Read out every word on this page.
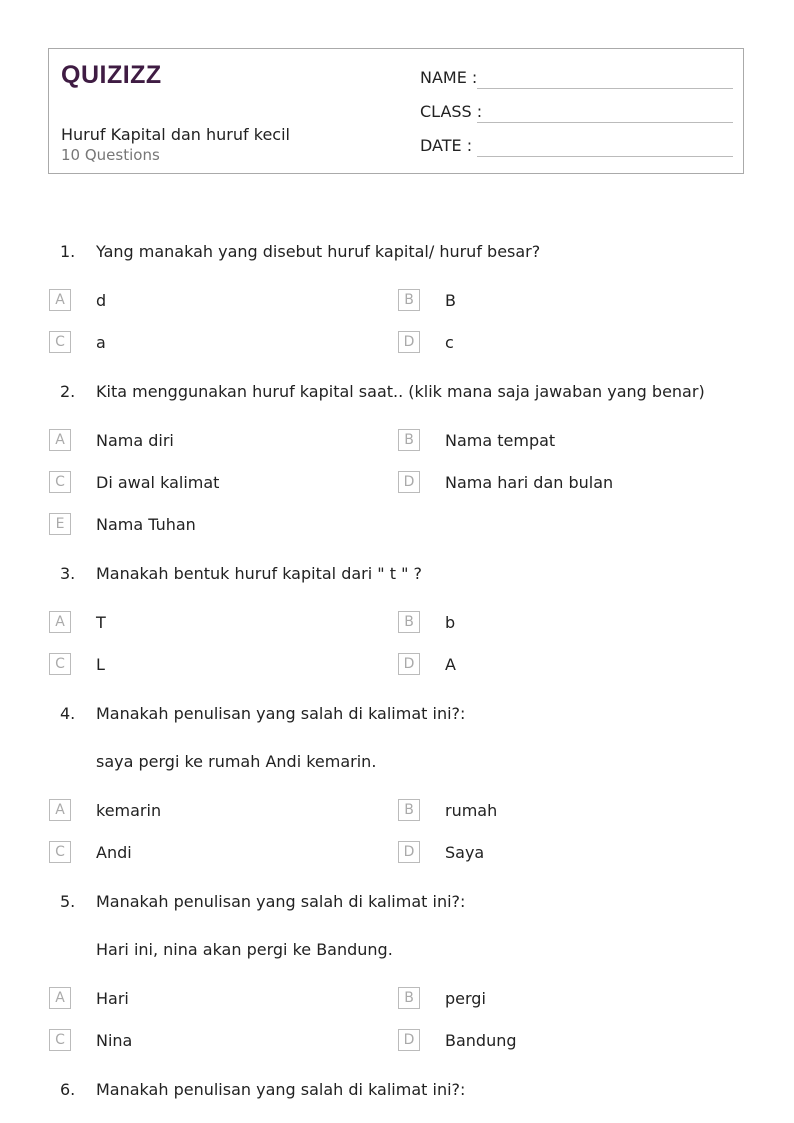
QUIZIZZ
Huruf Kapital dan huruf kecil
10 Questions
NAME :
CLASS :
DATE :
1. Yang manakah yang disebut huruf kapital/ huruf besar?
A	d	B	B
C	a	D	c
2. Kita menggunakan huruf kapital saat.. (klik mana saja jawaban yang benar)
A	Nama diri	B	Nama tempat
C	Di awal kalimat	D	Nama hari dan bulan
E	Nama Tuhan
3. Manakah bentuk huruf kapital dari " t " ?
A	T	B	b
C	L	D	A
4. Manakah penulisan yang salah di kalimat ini?:
saya pergi ke rumah Andi kemarin.
A	kemarin	B	rumah
C	Andi	D	Saya
5. Manakah penulisan yang salah di kalimat ini?:
Hari ini, nina akan pergi ke Bandung.
A	Hari	B	pergi
C	Nina	D	Bandung
6. Manakah penulisan yang salah di kalimat ini?:
